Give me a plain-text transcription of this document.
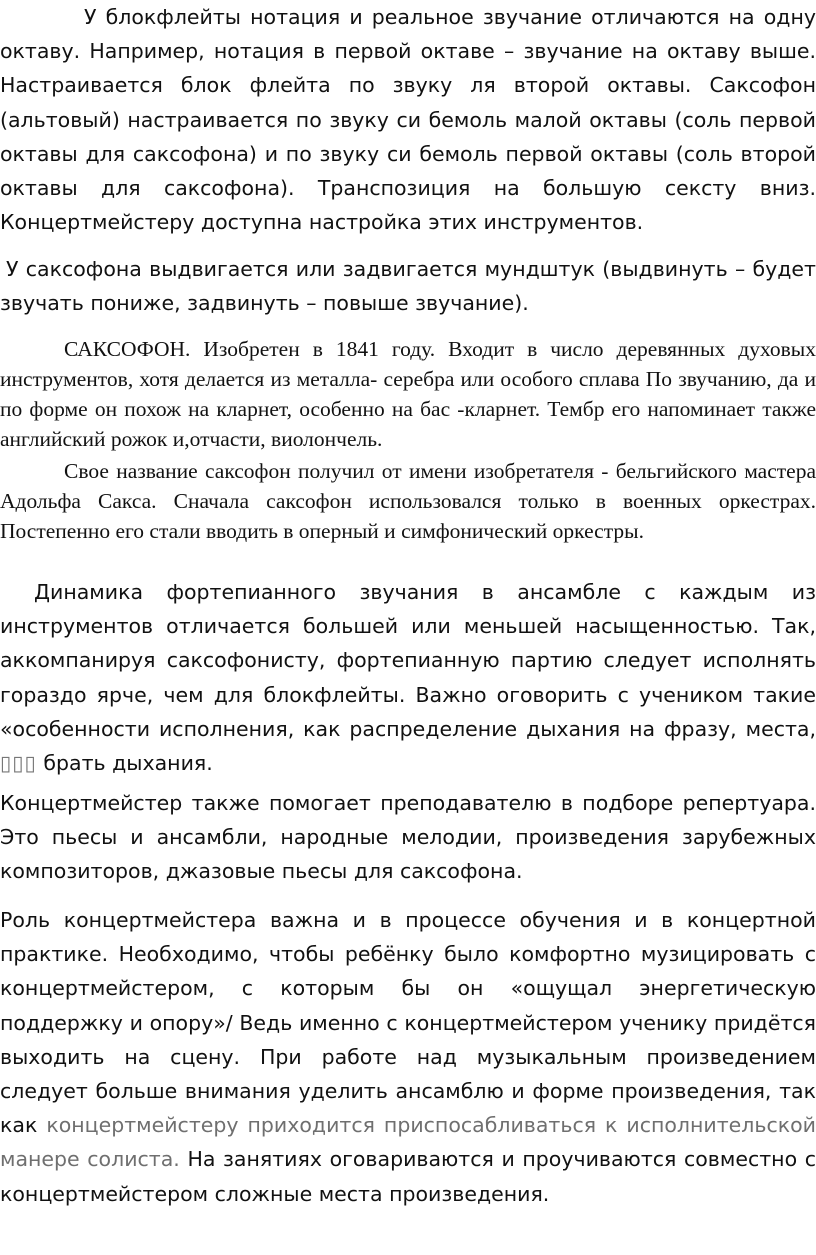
У блокфлейты нотация и реальное звучание отличаются на одну октаву. Например, нотация в первой октаве – звучание на октаву выше. Настраивается блок флейта по звуку ля второй октавы. Саксофон (альтовый) настраивается по звуку си бемоль малой октавы (соль первой октавы для саксофона) и по звуку си бемоль первой октавы (соль второй октавы для саксофона). Транспозиция на большую сексту вниз. Концертмейстеру доступна настройка этих инструментов.

У саксофона выдвигается или задвигается мундштук (выдвинуть – будет звучать пониже, задвинуть – повыше звучание).

САКСОФОН. Изобретен в 1841 году. Входит в число деревянных духовых инструментов, хотя делается из металла- серебра или особого сплава По звучанию, да и по форме он похож на кларнет, особенно на бас -кларнет. Тембр его напоминает также английский рожок и,отчасти, виолончель.

Свое название саксофон получил от имени изобретателя - бельгийского мастера Адольфа Сакса. Сначала саксофон использовался только в военных оркестрах. Постепенно его стали вводить в оперный и симфонический оркестры.

Динамика фортепианного звучания в ансамбле с каждым из инструментов отличается большей или меньшей насыщенностью. Так, аккомпанируя саксофонисту, фортепианную партию следует исполнять гораздо ярче, чем для блокфлейты. Важно оговорить с учеником такие «особенности исполнения, как распределение дыхания на фразу, места, ▯▯▯ брать дыхания.

Концертмейстер также помогает преподавателю в подборе репертуара. Это пьесы и ансамбли, народные мелодии, произведения зарубежных композиторов, джазовые пьесы для саксофона.

Роль концертмейстера важна и в процессе обучения и в концертной практике. Необходимо, чтобы ребёнку было комфортно музицировать с концертмейстером, с которым бы он «ощущал энергетическую поддержку и опору»/ Ведь именно с концертмейстером ученику придётся выходить на сцену. При работе над музыкальным произведением следует больше внимания уделить ансамблю и форме произведения, так как концертмейстеру приходится приспосабливаться к исполнительской манере солиста. На занятиях оговариваются и проучиваются совместно с концертмейстером сложные места произведения.
